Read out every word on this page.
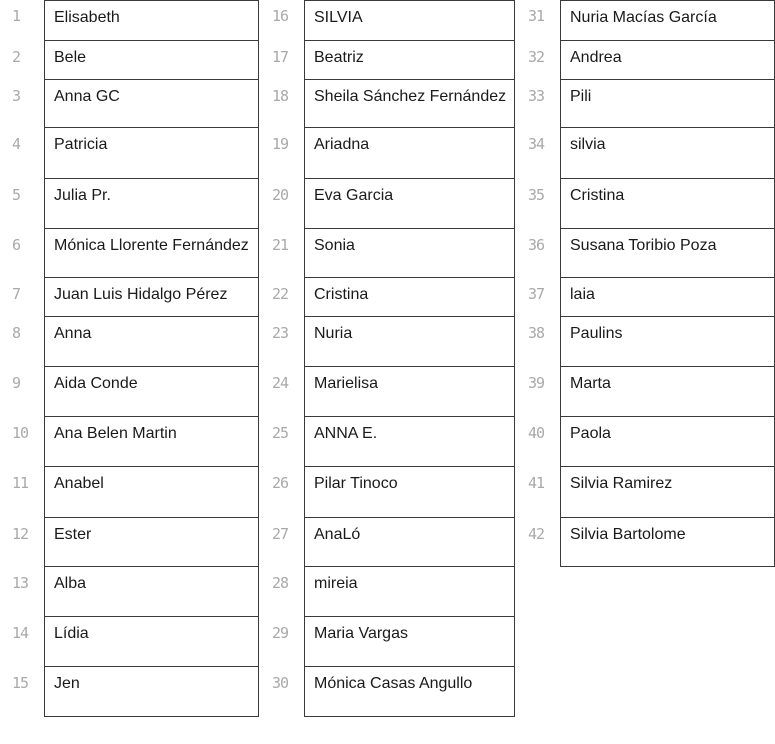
1	Elisabeth
2	Bele
3	Anna GC
4	Patricia
5	Julia Pr.
6	Mónica Llorente Fernández
7	Juan Luis Hidalgo Pérez
8	Anna
9	Aida Conde
10	Ana Belen Martin
11	Anabel
12	Ester
13	Alba
14	Lídia
15	Jen
16	SILVIA
17	Beatriz
18	Sheila Sánchez Fernández
19	Ariadna
20	Eva Garcia
21	Sonia
22	Cristina
23	Nuria
24	Marielisa
25	ANNA E.
26	Pilar Tinoco
27	AnaLó
28	mireia
29	Maria Vargas
30	Mónica Casas Angullo
31	Nuria Macías García
32	Andrea
33	Pili
34	silvia
35	Cristina
36	Susana Toribio Poza
37	laia
38	Paulins
39	Marta
40	Paola
41	Silvia Ramirez
42	Silvia Bartolome
